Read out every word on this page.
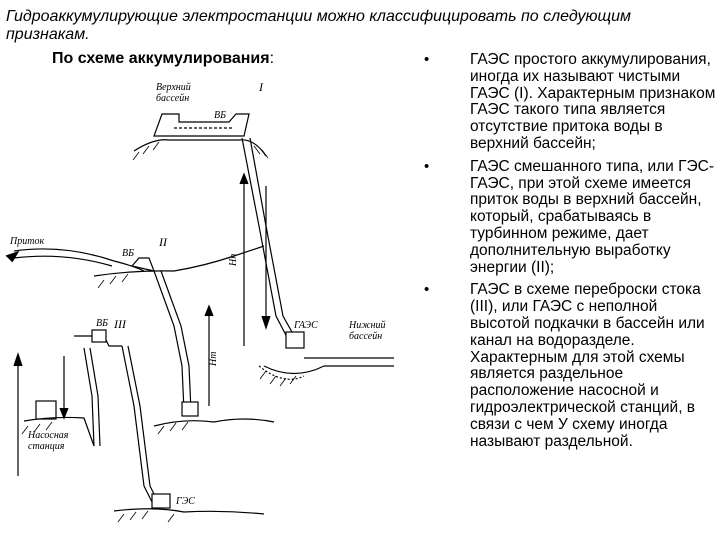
Гидроаккумулирующие электростанции можно классифицировать по следующим признакам.
По схеме аккумулирования:
Верхний
бассейн
ВБ
I
Приток
ВБ
II
ВБ III	ГАЭС	Нижний
бассейн
Насосная
станция
ГЭС
Нп
Нт
•	ГАЭС простого аккумулирования, иногда их называют чистыми ГАЭС (I). Характерным признаком ГАЭС такого типа является отсутствие притока воды в верхний бассейн;
•	ГАЭС смешанного типа, или ГЭС-ГАЭС, при этой схеме имеется приток воды в верхний бассейн, который, срабатываясь в турбинном режиме, дает дополнительную выработку энергии (II);
•	ГАЭС в схеме переброски стока (III), или ГАЭС с неполной высотой подкачки в бассейн или канал на водоразделе. Характерным для этой схемы является раздельное расположение насосной и гидроэлектрической станций, в связи с чем У схему иногда называют раздельной.
